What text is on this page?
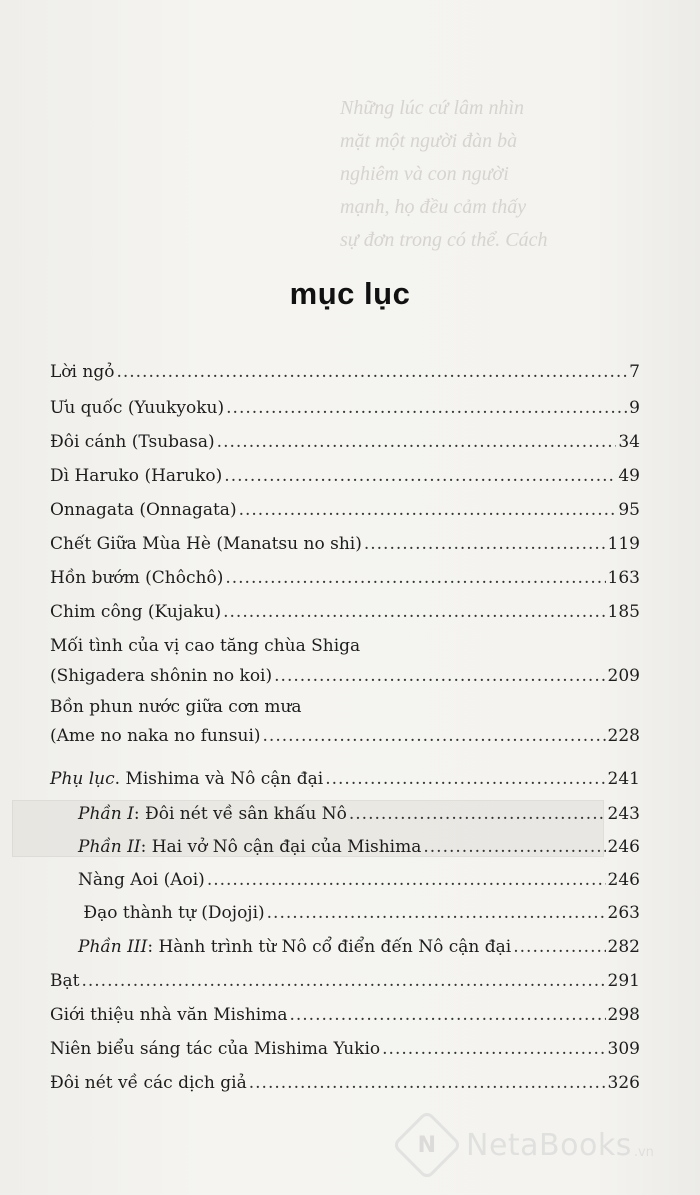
Những lúc cứ lâm nhìn
mặt một người đàn bà
nghiêm và con người
mạnh, họ đều cảm thấy
sự đơn trong có thể. Cách
mục lục
Lời ngỏ .....	7
Ưu quốc (Yuukyoku) .....	9
Đôi cánh (Tsubasa) .....	34
Dì Haruko (Haruko) .....	49
Onnagata (Onnagata) .....	95
Chết Giữa Mùa Hè (Manatsu no shi) .....	119
Hồn bướm (Chôchô) .....	163
Chim công (Kujaku) .....	185
Mối tình của vị cao tăng chùa Shiga
(Shigadera shônin no koi) .....	209
Bồn phun nước giữa cơn mưa
(Ame no naka no funsui) .....	228
Phụ lục. Mishima và Nô cận đại .....	241
Phần I: Đôi nét về sân khấu Nô .....	243
Phần II: Hai vở Nô cận đại của Mishima .....	246
Nàng Aoi (Aoi) .....	246
Đạo thành tự (Dojoji) .....	263
Phần III: Hành trình từ Nô cổ điển đến Nô cận đại .....	282
Bạt .....	291
Giới thiệu nhà văn Mishima .....	298
Niên biểu sáng tác của Mishima Yukio .....	309
Đôi nét về các dịch giả .....	326
N NetaBooks .vn
